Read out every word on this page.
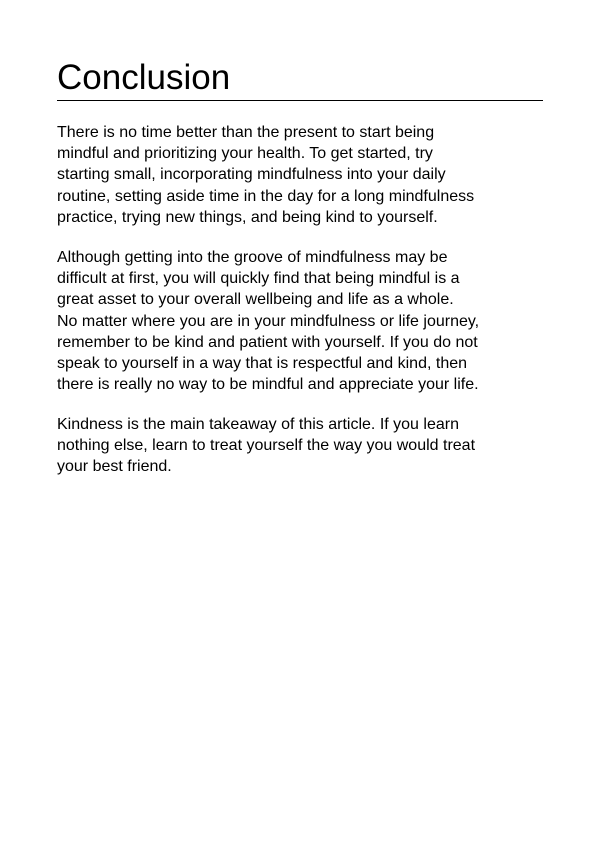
Conclusion

There is no time better than the present to start being
mindful and prioritizing your health. To get started, try
starting small, incorporating mindfulness into your daily
routine, setting aside time in the day for a long mindfulness
practice, trying new things, and being kind to yourself.

Although getting into the groove of mindfulness may be
difficult at first, you will quickly find that being mindful is a
great asset to your overall wellbeing and life as a whole.
No matter where you are in your mindfulness or life journey,
remember to be kind and patient with yourself. If you do not
speak to yourself in a way that is respectful and kind, then
there is really no way to be mindful and appreciate your life.

Kindness is the main takeaway of this article. If you learn
nothing else, learn to treat yourself the way you would treat
your best friend.
